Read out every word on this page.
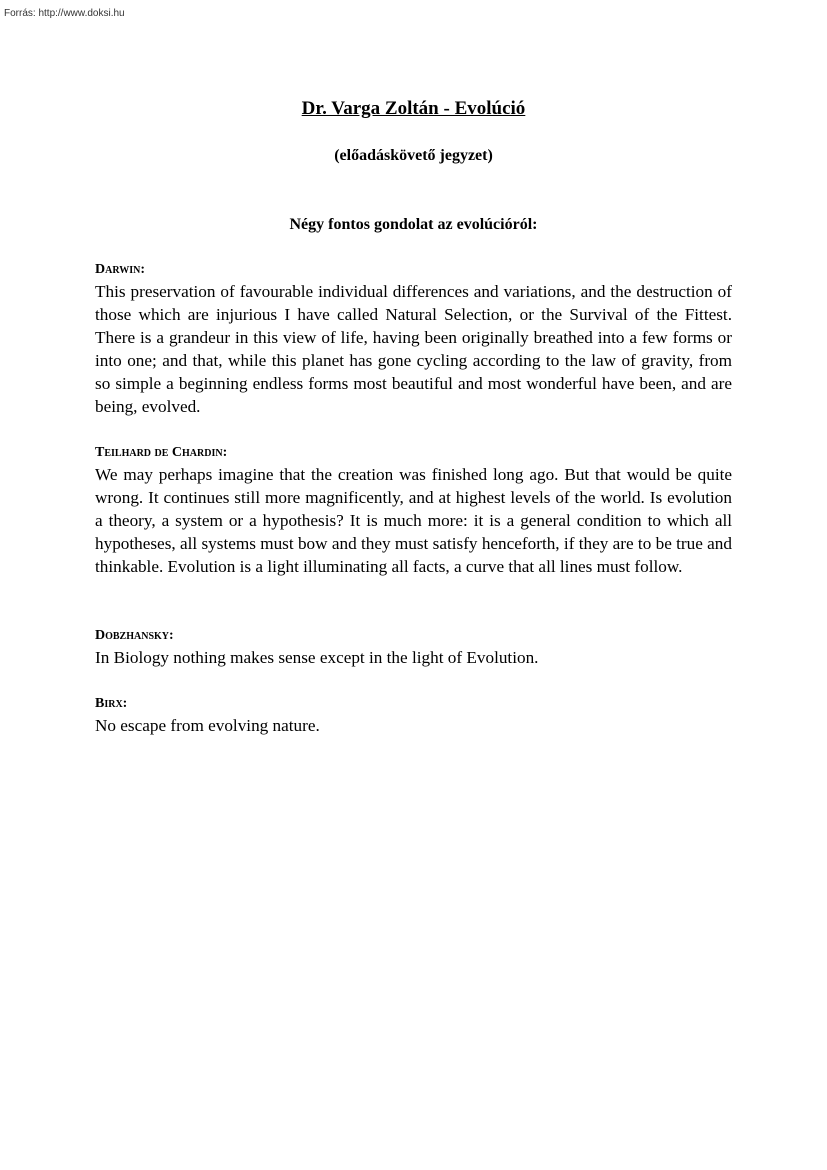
Forrás: http://www.doksi.hu
Dr. Varga Zoltán - Evolúció
(előadáskövető jegyzet)
Négy fontos gondolat az evolúcióról:

Darwin:

This preservation of favourable individual differences and variations, and the destruction of those which are injurious I have called Natural Selection, or the Survival of the Fittest. There is a grandeur in this view of life, having been originally breathed into a few forms or into one; and that, while this planet has gone cycling according to the law of gravity, from so simple a beginning endless forms most beautiful and most wonderful have been, and are being, evolved.

Teilhard de Chardin:

We may perhaps imagine that the creation was finished long ago. But that would be quite wrong. It continues still more magnificently, and at highest levels of the world. Is evolution a theory, a system or a hypothesis? It is much more: it is a general condition to which all hypotheses, all systems must bow and they must satisfy henceforth, if they are to be true and thinkable. Evolution is a light illuminating all facts, a curve that all lines must follow.

Dobzhansky:

In Biology nothing makes sense except in the light of Evolution.

Birx:

No escape from evolving nature.
